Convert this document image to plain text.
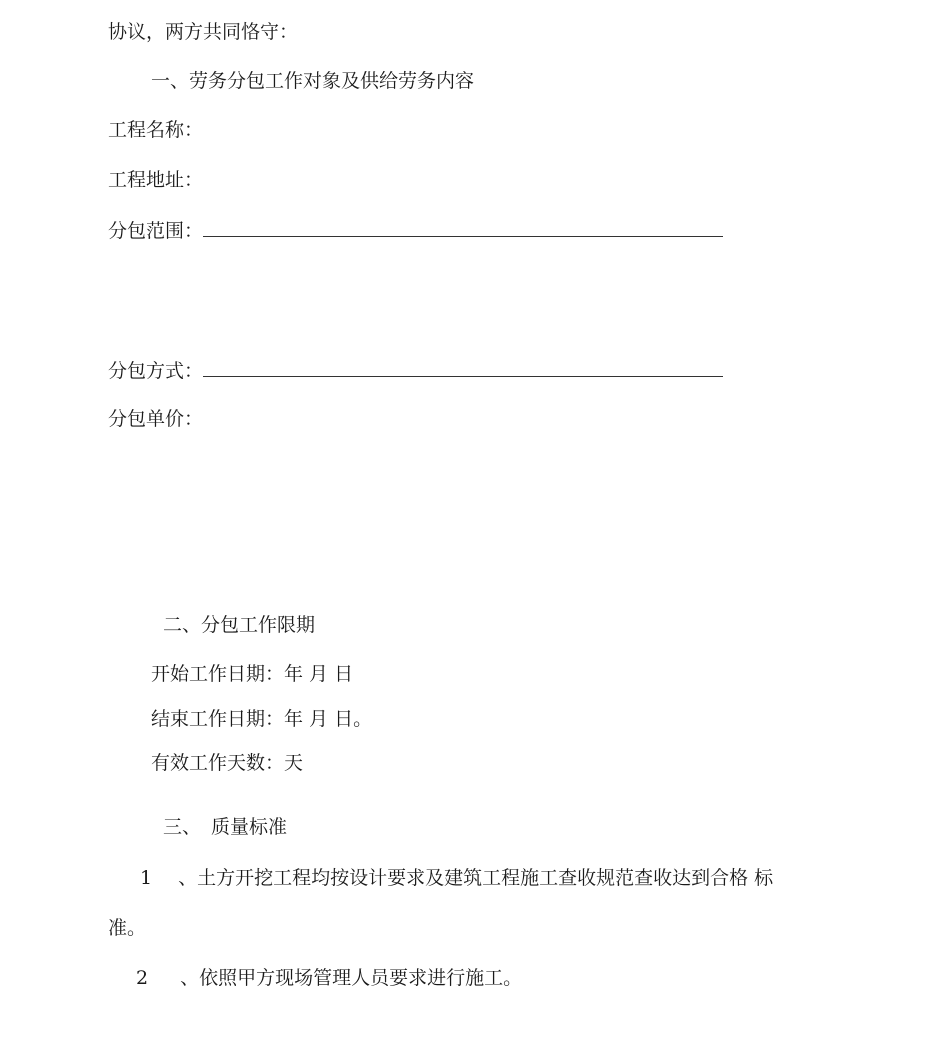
协议，两方共同恪守：
一、劳务分包工作对象及供给劳务内容
工程名称：
工程地址：
分包范围：
分包方式：
分包单价：
二、分包工作限期
开始工作日期：年 月 日
结束工作日期：年 月 日。
有效工作天数：天
三、 质量标准
1 、土方开挖工程均按设计要求及建筑工程施工查收规范查收达到合格 标
准。
2 、依照甲方现场管理人员要求进行施工。
